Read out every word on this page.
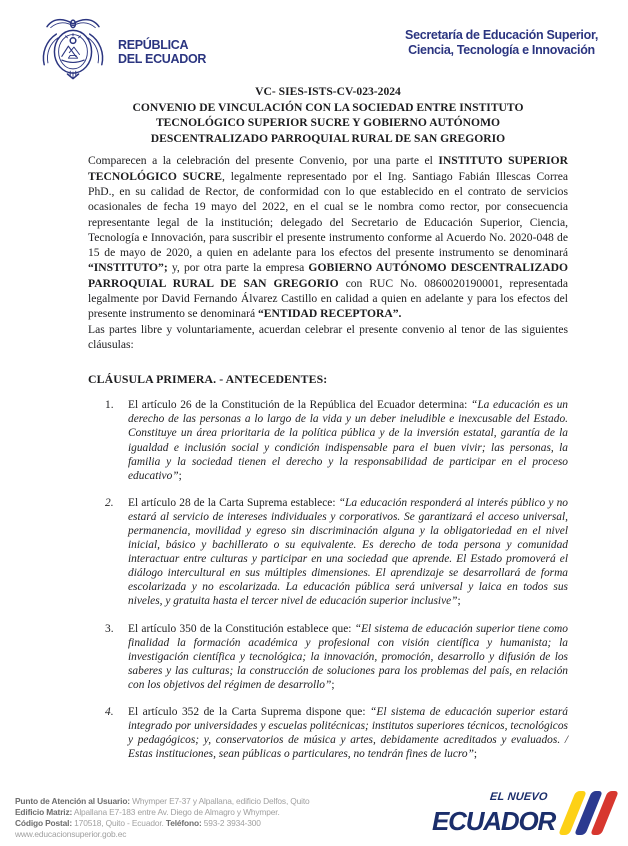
REPÚBLICA
DEL ECUADOR
Secretaría de Educación Superior,
Ciencia, Tecnología e Innovación
VC- SIES-ISTS-CV-023-2024
CONVENIO DE VINCULACIÓN CON LA SOCIEDAD ENTRE INSTITUTO
TECNOLÓGICO SUPERIOR SUCRE Y GOBIERNO AUTÓNOMO
DESCENTRALIZADO PARROQUIAL RURAL DE SAN GREGORIO

Comparecen a la celebración del presente Convenio, por una parte el INSTITUTO SUPERIOR TECNOLÓGICO SUCRE, legalmente representado por el Ing. Santiago Fabián Illescas Correa PhD., en su calidad de Rector, de conformidad con lo que establecido en el contrato de servicios ocasionales de fecha 19 mayo del 2022, en el cual se le nombra como rector, por consecuencia representante legal de la institución; delegado del Secretario de Educación Superior, Ciencia, Tecnología e Innovación, para suscribir el presente instrumento conforme al Acuerdo No. 2020-048 de 15 de mayo de 2020, a quien en adelante para los efectos del presente instrumento se denominará “INSTITUTO”; y, por otra parte la empresa GOBIERNO AUTÓNOMO DESCENTRALIZADO PARROQUIAL RURAL DE SAN GREGORIO con RUC No. 0860020190001, representada legalmente por David Fernando Álvarez Castillo en calidad a quien en adelante y para los efectos del presente instrumento se denominará “ENTIDAD RECEPTORA”.

Las partes libre y voluntariamente, acuerdan celebrar el presente convenio al tenor de las siguientes cláusulas:

CLÁUSULA PRIMERA. - ANTECEDENTES:
1. El artículo 26 de la Constitución de la República del Ecuador determina: “La educación es un derecho de las personas a lo largo de la vida y un deber ineludible e inexcusable del Estado. Constituye un área prioritaria de la política pública y de la inversión estatal, garantía de la igualdad e inclusión social y condición indispensable para el buen vivir; las personas, la familia y la sociedad tienen el derecho y la responsabilidad de participar en el proceso educativo”;
2. El artículo 28 de la Carta Suprema establece: “La educación responderá al interés público y no estará al servicio de intereses individuales y corporativos. Se garantizará el acceso universal, permanencia, movilidad y egreso sin discriminación alguna y la obligatoriedad en el nivel inicial, básico y bachillerato o su equivalente. Es derecho de toda persona y comunidad interactuar entre culturas y participar en una sociedad que aprende. El Estado promoverá el diálogo intercultural en sus múltiples dimensiones. El aprendizaje se desarrollará de forma escolarizada y no escolarizada. La educación pública será universal y laica en todos sus niveles, y gratuita hasta el tercer nivel de educación superior inclusive”;
3. El artículo 350 de la Constitución establece que: “El sistema de educación superior tiene como finalidad la formación académica y profesional con visión científica y humanista; la investigación científica y tecnológica; la innovación, promoción, desarrollo y difusión de los saberes y las culturas; la construcción de soluciones para los problemas del país, en relación con los objetivos del régimen de desarrollo”;
4. El artículo 352 de la Carta Suprema dispone que: “El sistema de educación superior estará integrado por universidades y escuelas politécnicas; institutos superiores técnicos, tecnológicos y pedagógicos; y, conservatorios de música y artes, debidamente acreditados y evaluados. / Estas instituciones, sean públicas o particulares, no tendrán fines de lucro”;
Punto de Atención al Usuario: Whymper E7-37 y Alpallana, edificio Delfos, Quito
Edificio Matriz: Alpallana E7-183 entre Av. Diego de Almagro y Whymper.
Código Postal: 170518, Quito - Ecuador. Teléfono: 593-2 3934-300
www.educacionsuperior.gob.ec
EL NUEVO
ECUADOR
